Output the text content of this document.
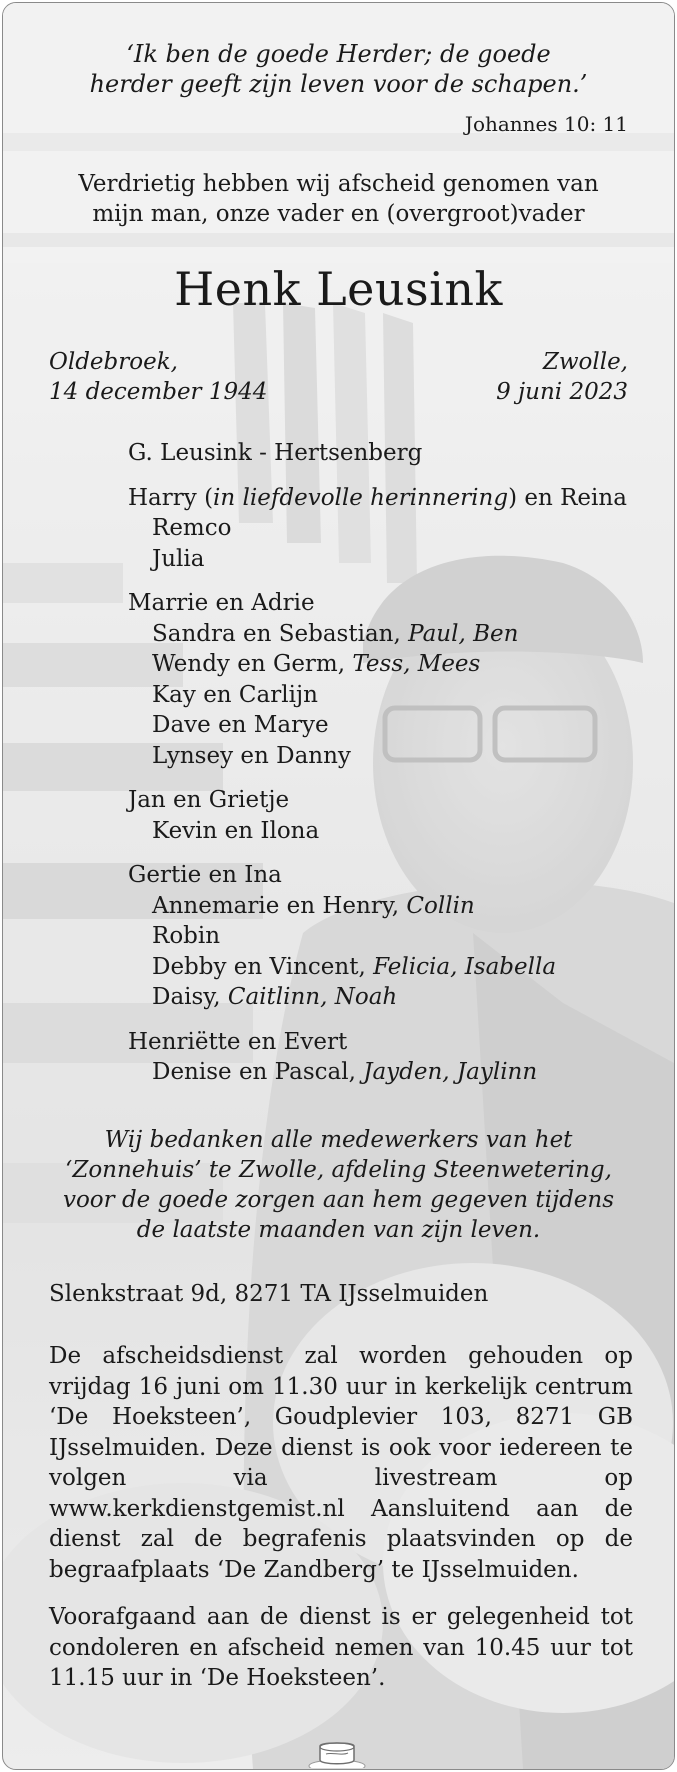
‘Ik ben de goede Herder; de goede

herder geeft zijn leven voor de schapen.’

Johannes 10: 11

Verdrietig hebben wij afscheid genomen van

mijn man, onze vader en (overgroot)vader

Henk Leusink

Oldebroek,

14 december 1944

Zwolle,

9 juni 2023

G. Leusink - Hertsenberg
Harry (in liefdevolle herinnering) en Reina
Remco
Julia
Marrie en Adrie
Sandra en Sebastian, Paul, Ben
Wendy en Germ, Tess, Mees
Kay en Carlijn
Dave en Marye
Lynsey en Danny
Jan en Grietje
Kevin en Ilona
Gertie en Ina
Annemarie en Henry, Collin
Robin
Debby en Vincent, Felicia, Isabella
Daisy, Caitlinn, Noah
Henriëtte en Evert
Denise en Pascal, Jayden, Jaylinn

Wij bedanken alle medewerkers van het

‘Zonnehuis’ te Zwolle, afdeling Steenwetering,

voor de goede zorgen aan hem gegeven tijdens

de laatste maanden van zijn leven.

Slenkstraat 9d, 8271 TA IJsselmuiden

De afscheidsdienst zal worden gehouden op vrijdag 16 juni om 11.30 uur in kerkelijk centrum ‘De Hoeksteen’, Goudplevier 103, 8271 GB IJsselmuiden. Deze dienst is ook voor iedereen te volgen via livestream op www.kerkdienstgemist.nl Aansluitend aan de dienst zal de begrafenis plaatsvinden op de begraafplaats ‘De Zandberg’ te IJsselmuiden.

Voorafgaand aan de dienst is er gelegenheid tot condoleren en afscheid nemen van 10.45 uur tot 11.15 uur in ‘De Hoeksteen’.
